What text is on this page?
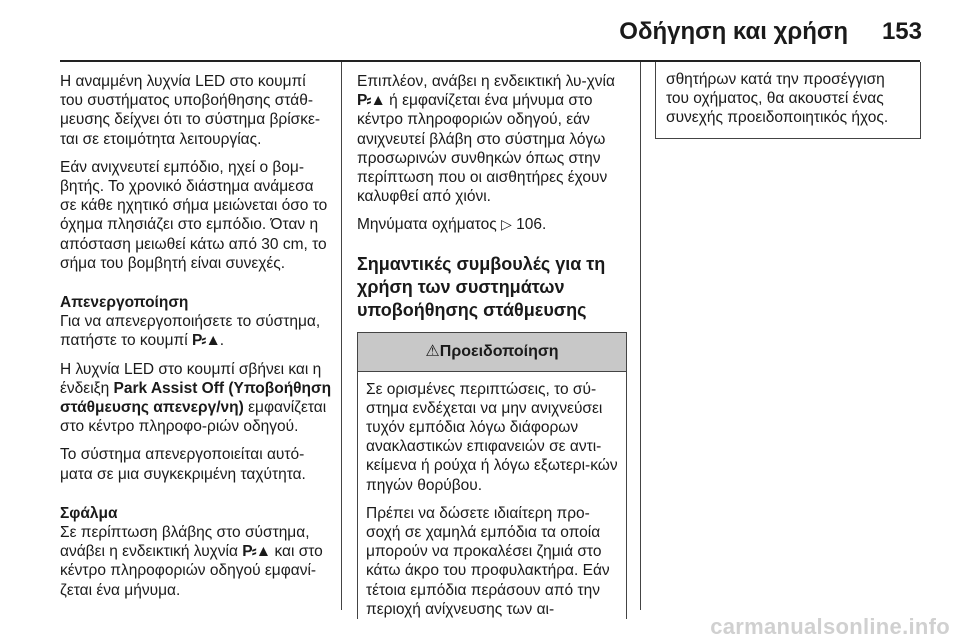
Οδήγηση και χρήση 153

Η αναμμένη λυχνία LED στο κουμπί του συστήματος υποβοήθησης στάθ-μευσης δείχνει ότι το σύστημα βρίσκε-ται σε ετοιμότητα λειτουργίας.

Εάν ανιχνευτεί εμπόδιο, ηχεί ο βομ-βητής. Το χρονικό διάστημα ανάμεσα σε κάθε ηχητικό σήμα μειώνεται όσο το όχημα πλησιάζει στο εμπόδιο. Όταν η απόσταση μειωθεί κάτω από 30 cm, το σήμα του βομβητή είναι συνεχές.

Απενεργοποίηση

Για να απενεργοποιήσετε το σύστημα, πατήστε το κουμπί P⸗▲.

Η λυχνία LED στο κουμπί σβήνει και η ένδειξη Park Assist Off (Υποβοήθηση στάθμευσης απενεργ/νη) εμφανίζεται στο κέντρο πληροφο-ριών οδηγού.

Το σύστημα απενεργοποιείται αυτό-ματα σε μια συγκεκριμένη ταχύτητα.

Σφάλμα

Σε περίπτωση βλάβης στο σύστημα, ανάβει η ενδεικτική λυχνία P⸗▲ και στο κέντρο πληροφοριών οδηγού εμφανί-ζεται ένα μήνυμα.

Επιπλέον, ανάβει η ενδεικτική λυ-χνία P⸗▲ ή εμφανίζεται ένα μήνυμα στο κέντρο πληροφοριών οδηγού, εάν ανιχνευτεί βλάβη στο σύστημα λόγω προσωρινών συνθηκών όπως στην περίπτωση που οι αισθητήρες έχουν καλυφθεί από χιόνι.

Μηνύματα οχήματος ▷ 106.

Σημαντικές συμβουλές για τη χρήση των συστημάτων υποβοήθησης στάθμευσης
⚠Προειδοποίηση

Σε ορισμένες περιπτώσεις, το σύ-στημα ενδέχεται να μην ανιχνεύσει τυχόν εμπόδια λόγω διάφορων ανακλαστικών επιφανειών σε αντι-κείμενα ή ρούχα ή λόγω εξωτερι-κών πηγών θορύβου.

Πρέπει να δώσετε ιδιαίτερη προ-σοχή σε χαμηλά εμπόδια τα οποία μπορούν να προκαλέσει ζημιά στο κάτω άκρο του προφυλακτήρα. Εάν τέτοια εμπόδια περάσουν από την περιοχή ανίχνευσης των αι-

σθητήρων κατά την προσέγγιση του οχήματος, θα ακουστεί ένας συνεχής προειδοποιητικός ήχος.

carmanualsonline.info
